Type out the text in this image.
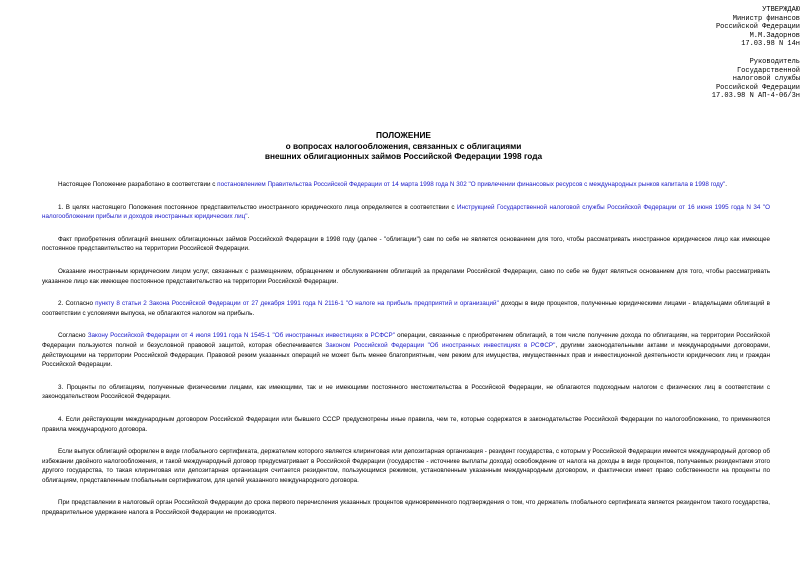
УТВЕРЖДАЮ
Министр финансов
Российской Федерации
М.М.Задорнов
17.03.98 N 14н
Руководитель
Государственной
налоговой службы
Российской Федерации
17.03.98 N АП-4-06/3н
ПОЛОЖЕНИЕ
о вопросах налогообложения, связанных с облигациями
внешних облигационных займов Российской Федерации 1998 года

Настоящее Положение разработано в соответствии с постановлением Правительства Российской Федерации от 14 марта 1998 года N 302 "О привлечении финансовых ресурсов с международных рынков капитала в 1998 году".

1. В целях настоящего Положения постоянное представительство иностранного юридического лица определяется в соответствии с Инструкцией Государственной налоговой службы Российской Федерации от 16 июня 1995 года N 34 "О налогообложении прибыли и доходов иностранных юридических лиц".

Факт приобретения облигаций внешних облигационных займов Российской Федерации в 1998 году (далее - "облигации") сам по себе не является основанием для того, чтобы рассматривать иностранное юридическое лицо как имеющее постоянное представительство на территории Российской Федерации.

Оказание иностранным юридическим лицом услуг, связанных с размещением, обращением и обслуживанием облигаций за пределами Российской Федерации, само по себе не будет являться основанием для того, чтобы рассматривать указанное лицо как имеющее постоянное представительство на территории Российской Федерации.

2. Согласно пункту 8 статьи 2 Закона Российской Федерации от 27 декабря 1991 года N 2116-1 "О налоге на прибыль предприятий и организаций" доходы в виде процентов, полученные юридическими лицами - владельцами облигаций в соответствии с условиями выпуска, не облагаются налогом на прибыль.

Согласно Закону Российской Федерации от 4 июля 1991 года N 1545-1 "Об иностранных инвестициях в РСФСР" операции, связанные с приобретением облигаций, в том числе получение дохода по облигациям, на территории Российской Федерации пользуются полной и безусловной правовой защитой, которая обеспечивается Законом Российской Федерации "Об иностранных инвестициях в РСФСР", другими законодательными актами и международными договорами, действующими на территории Российской Федерации. Правовой режим указанных операций не может быть менее благоприятным, чем режим для имущества, имущественных прав и инвестиционной деятельности юридических лиц и граждан Российской Федерации.

3. Проценты по облигациям, полученные физическими лицами, как имеющими, так и не имеющими постоянного местожительства в Российской Федерации, не облагаются подоходным налогом с физических лиц в соответствии с законодательством Российской Федерации.

4. Если действующим международным договором Российской Федерации или бывшего СССР предусмотрены иные правила, чем те, которые содержатся в законодательстве Российской Федерации по налогообложению, то применяются правила международного договора.

Если выпуск облигаций оформлен в виде глобального сертификата, держателем которого является клиринговая или депозитарная организация - резидент государства, с которым у Российской Федерации имеется международный договор об избежании двойного налогообложения, и такой международный договор предусматривает в Российской Федерации (государстве - источнике выплаты дохода) освобождение от налога на доходы в виде процентов, получаемых резидентами этого другого государства, то такая клиринговая или депозитарная организация считается резидентом, пользующимся режимом, установленным указанным международным договором, и фактически имеет право собственности на проценты по облигациям, представленным глобальным сертификатом, для целей указанного международного договора.

При представлении в налоговый орган Российской Федерации до срока первого перечисления указанных процентов единовременного подтверждения о том, что держатель глобального сертификата является резидентом такого государства, предварительное удержание налога в Российской Федерации не производится.
